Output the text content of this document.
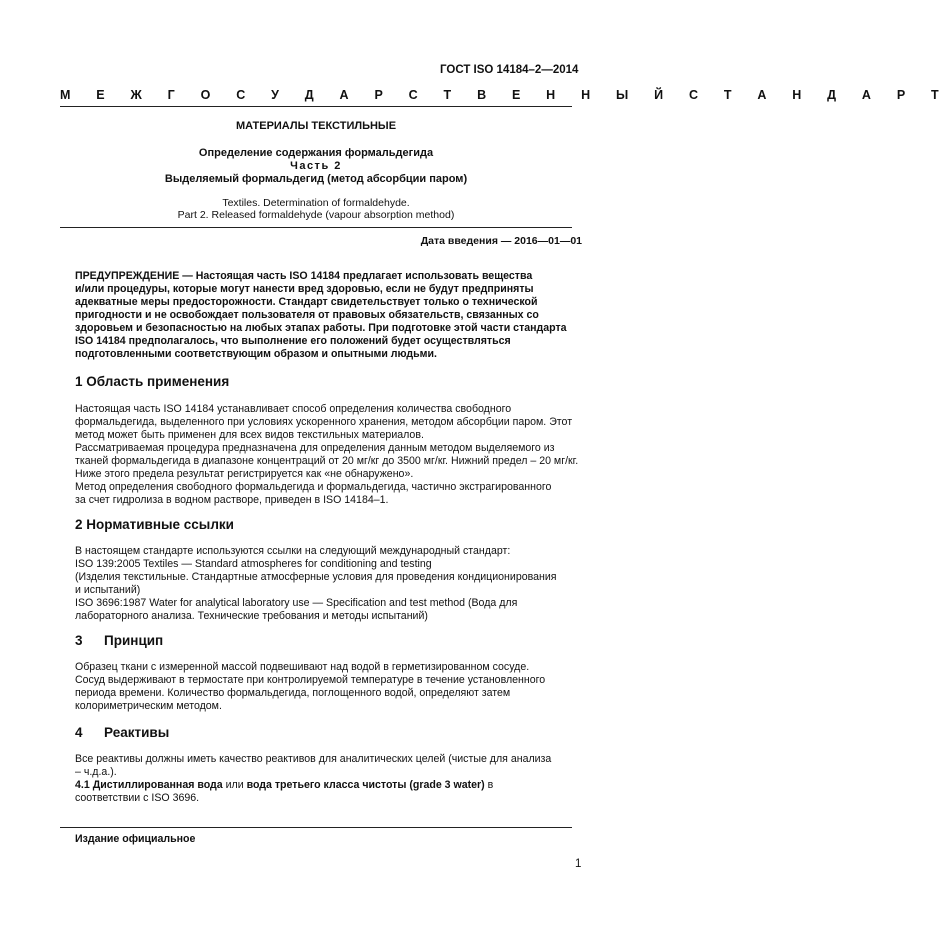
ГОСТ ISO 14184–2—2014
М Е Ж Г О С У Д А Р С Т В Е Н Н Ы Й С Т А Н Д А Р Т
МАТЕРИАЛЫ ТЕКСТИЛЬНЫЕ
Определение содержания формальдегида
Часть 2
Выделяемый формальдегид (метод абсорбции паром)
Textiles. Determination of formaldehyde.
Part 2. Released formaldehyde (vapour absorption method)
Дата введения — 2016—01—01
ПРЕДУПРЕЖДЕНИЕ — Настоящая часть ISO 14184 предлагает использовать вещества
и/или процедуры, которые могут нанести вред здоровью, если не будут предприняты
адекватные меры предосторожности. Стандарт свидетельствует только о технической
пригодности и не освобождает пользователя от правовых обязательств, связанных со
здоровьем и безопасностью на любых этапах работы. При подготовке этой части стандарта
ISO 14184 предполагалось, что выполнение его положений будет осуществляться
подготовленными соответствующим образом и опытными людьми.
1 Область применения
Настоящая часть ISO 14184 устанавливает способ определения количества свободного
формальдегида, выделенного при условиях ускоренного хранения, методом абсорбции паром. Этот
метод может быть применен для всех видов текстильных материалов.
Рассматриваемая процедура предназначена для определения данным методом выделяемого из
тканей формальдегида в диапазоне концентраций от 20 мг/кг до 3500 мг/кг. Нижний предел – 20 мг/кг.
Ниже этого предела результат регистрируется как «не обнаружено».
Метод определения свободного формальдегида и формальдегида, частично экстрагированного
за счет гидролиза в водном растворе, приведен в ISO 14184–1.
2 Нормативные ссылки
В настоящем стандарте используются ссылки на следующий международный стандарт:
ISO 139:2005 Textiles — Standard atmospheres for conditioning and testing
(Изделия текстильные. Стандартные атмосферные условия для проведения кондиционирования
и испытаний)
ISO 3696:1987 Water for analytical laboratory use — Specification and test method (Вода для
лабораторного анализа. Технические требования и методы испытаний)
3 Принцип
Образец ткани с измеренной массой подвешивают над водой в герметизированном сосуде.
Сосуд выдерживают в термостате при контролируемой температуре в течение установленного
периода времени. Количество формальдегида, поглощенного водой, определяют затем
колориметрическим методом.
4 Реактивы
Все реактивы должны иметь качество реактивов для аналитических целей (чистые для анализа
– ч.д.а.).
4.1 Дистиллированная вода или вода третьего класса чистоты (grade 3 water) в
соответствии с ISO 3696.
Издание официальное
1
